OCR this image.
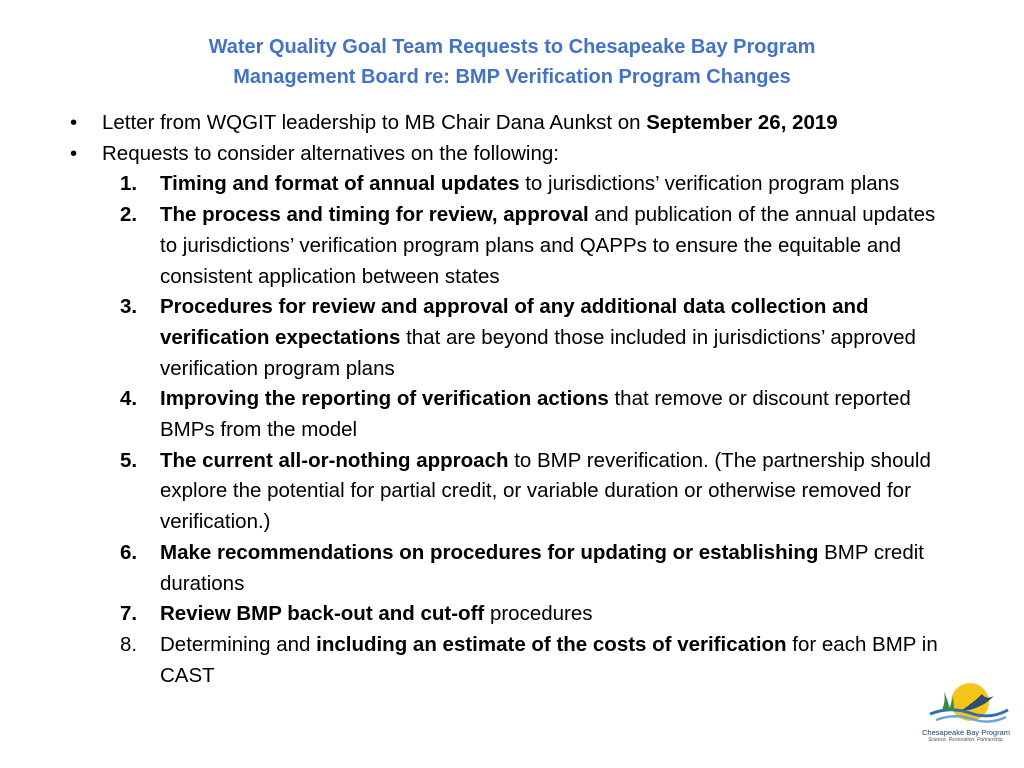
Water Quality Goal Team Requests to Chesapeake Bay Program
Management Board re: BMP Verification Program Changes
• Letter from WQGIT leadership to MB Chair Dana Aunkst on September 26, 2019
• Requests to consider alternatives on the following:
1.	Timing and format of annual updates to jurisdictions’ verification program plans
2.	The process and timing for review, approval and publication of the annual updates to jurisdictions’ verification program plans and QAPPs to ensure the equitable and consistent application between states
3.	Procedures for review and approval of any additional data collection and verification expectations that are beyond those included in jurisdictions’ approved verification program plans
4.	Improving the reporting of verification actions that remove or discount reported BMPs from the model
5.	The current all-or-nothing approach to BMP reverification. (The partnership should explore the potential for partial credit, or variable duration or otherwise removed for verification.)
6.	Make recommendations on procedures for updating or establishing BMP credit durations
7.	Review BMP back-out and cut-off procedures
8.	Determining and including an estimate of the costs of verification for each BMP in CAST
Chesapeake Bay Program
Science. Restoration. Partnership.
